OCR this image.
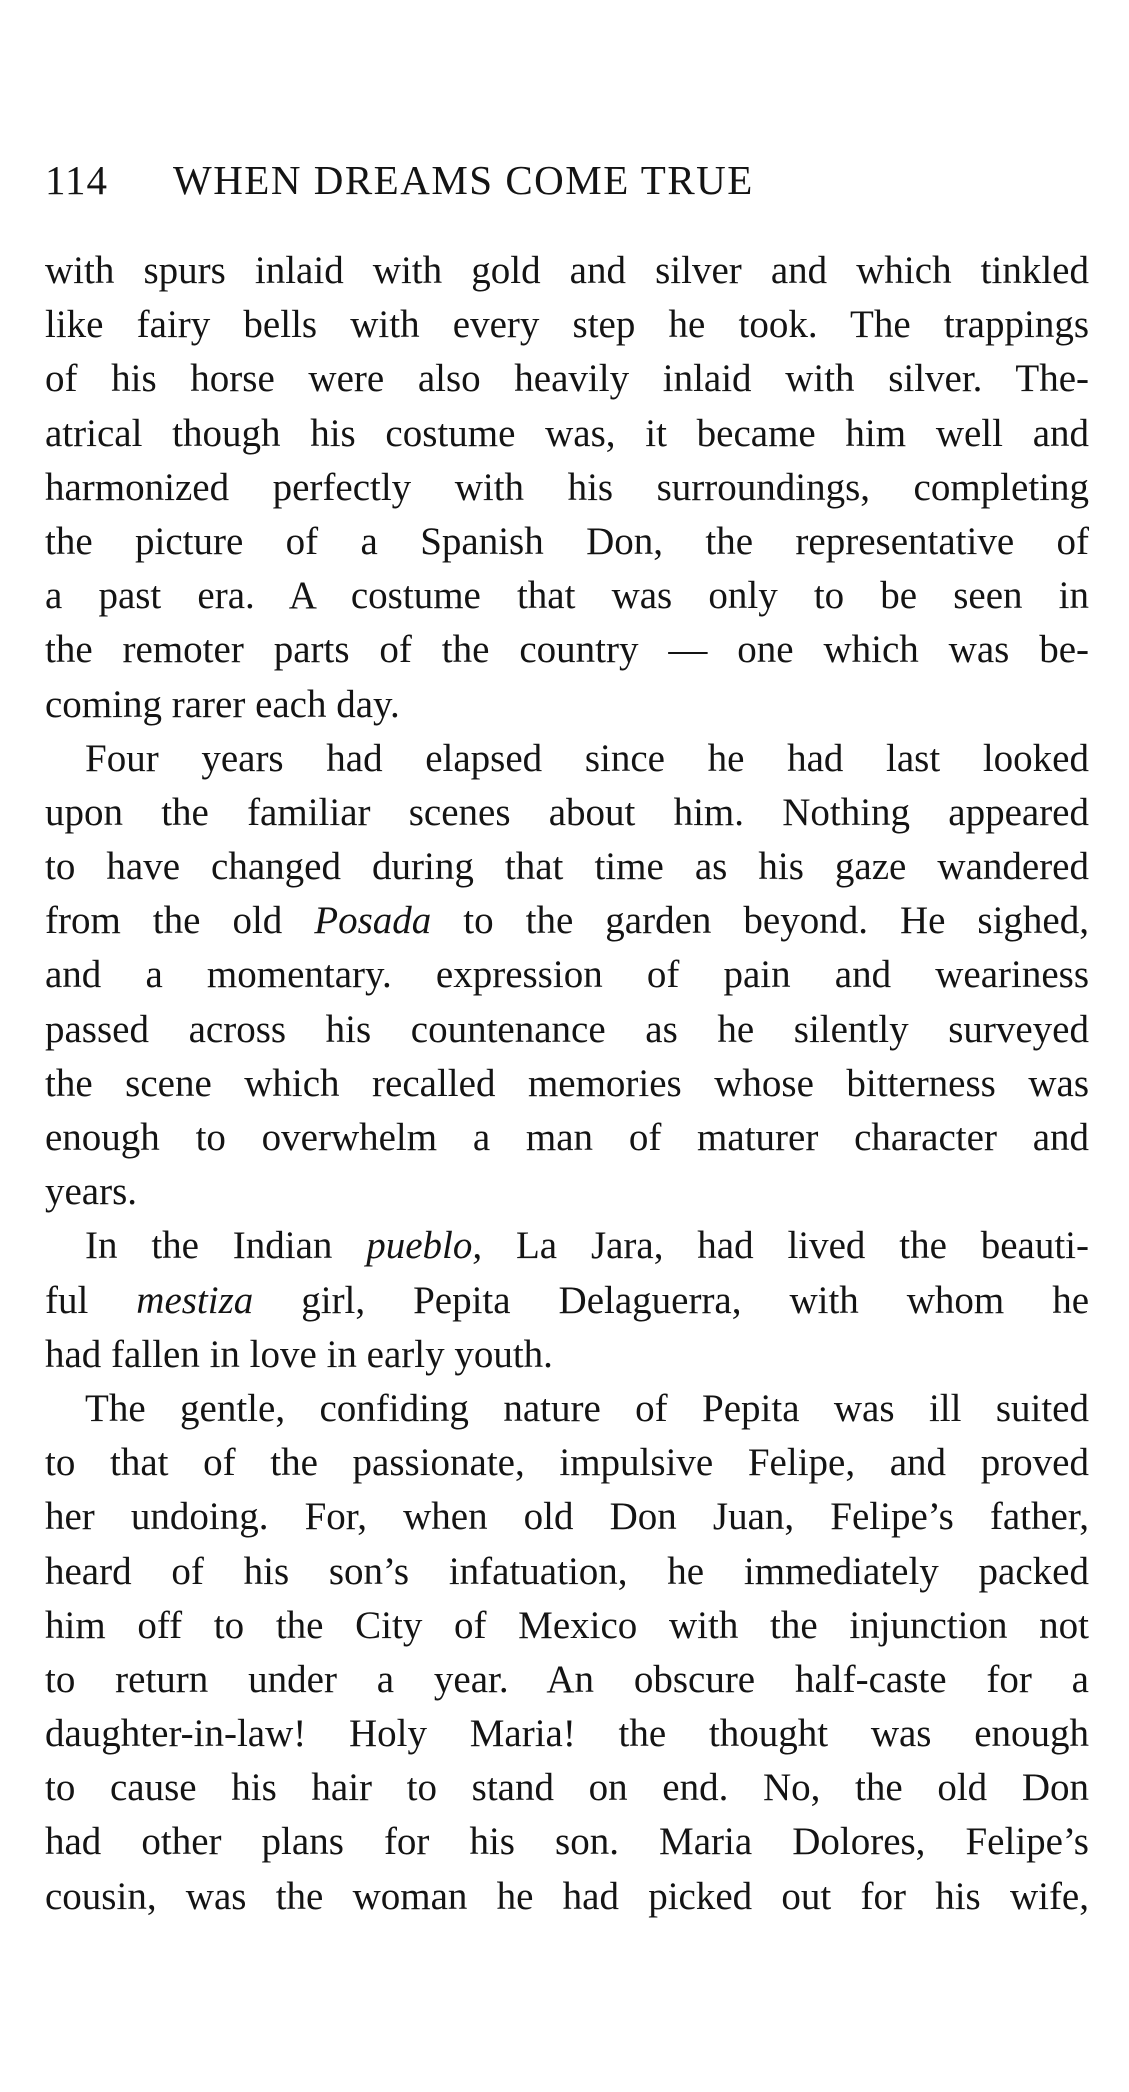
114 WHEN DREAMS COME TRUE
with spurs inlaid with gold and silver and which tinkled
like fairy bells with every step he took. The trappings
of his horse were also heavily inlaid with silver. The-
atrical though his costume was, it became him well and
harmonized perfectly with his surroundings, completing
the picture of a Spanish Don, the representative of
a past era. A costume that was only to be seen in
the remoter parts of the country — one which was be-
coming rarer each day.
Four years had elapsed since he had last looked
upon the familiar scenes about him. Nothing appeared
to have changed during that time as his gaze wandered
from the old Posada to the garden beyond. He sighed,
and a momentary. expression of pain and weariness
passed across his countenance as he silently surveyed
the scene which recalled memories whose bitterness was
enough to overwhelm a man of maturer character and
years.
In the Indian pueblo, La Jara, had lived the beauti-
ful mestiza girl, Pepita Delaguerra, with whom he
had fallen in love in early youth.
The gentle, confiding nature of Pepita was ill suited
to that of the passionate, impulsive Felipe, and proved
her undoing. For, when old Don Juan, Felipe’s father,
heard of his son’s infatuation, he immediately packed
him off to the City of Mexico with the injunction not
to return under a year. An obscure half-caste for a
daughter-in-law! Holy Maria! the thought was enough
to cause his hair to stand on end. No, the old Don
had other plans for his son. Maria Dolores, Felipe’s
cousin, was the woman he had picked out for his wife,
